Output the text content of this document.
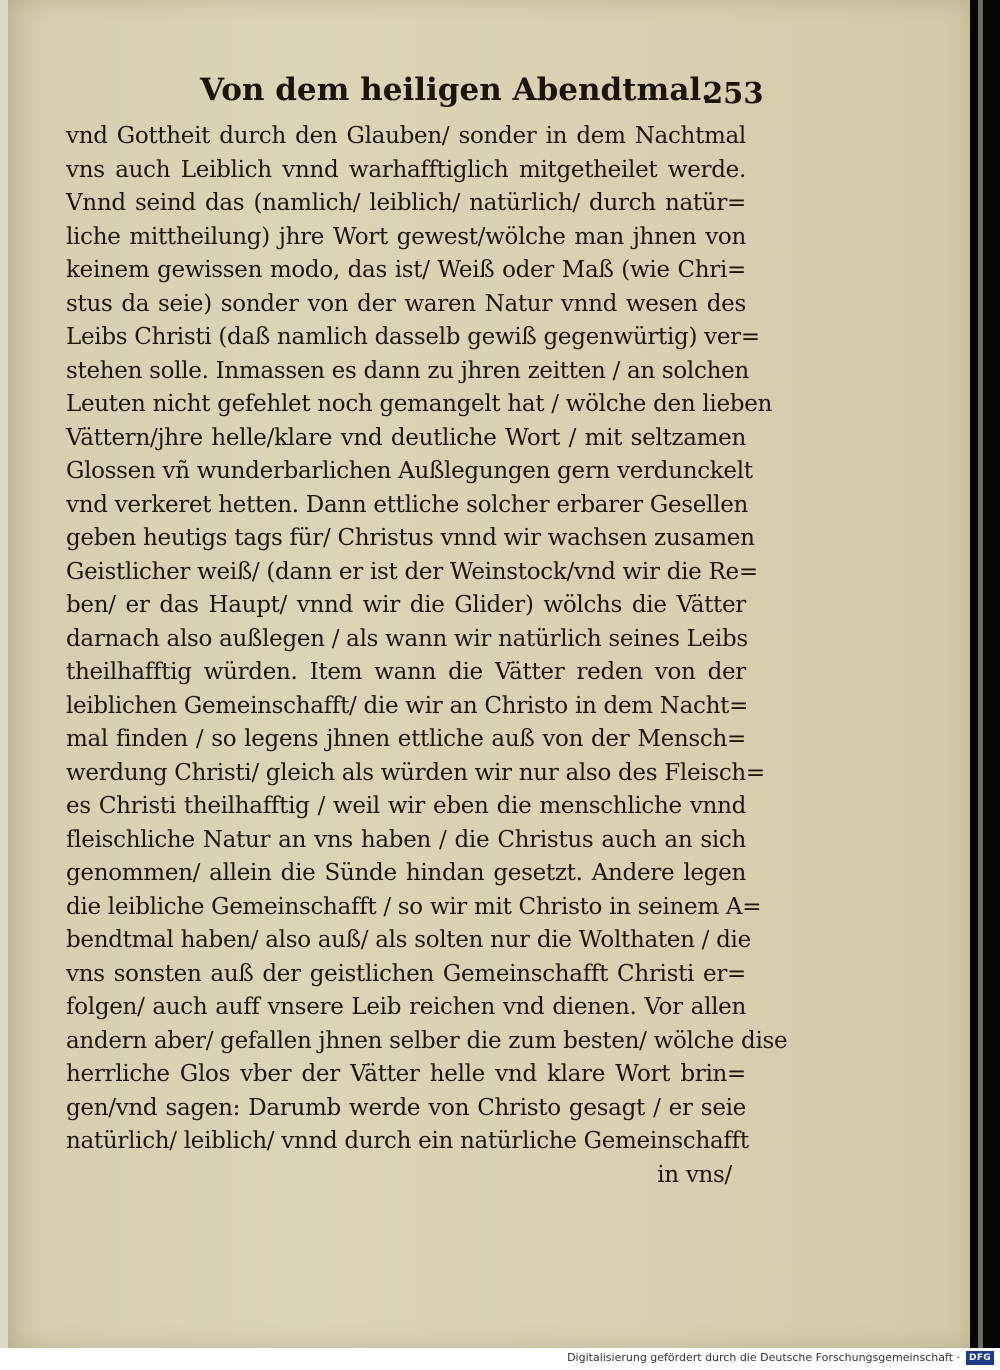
Von dem heiligen Abendtmal.
253
vnd Gottheit durch den Glauben/ sonder in dem Nachtmal
vns auch Leiblich vnnd warhafftiglich mitgetheilet werde.
Vnnd seind das (namlich/ leiblich/ natürlich/ durch natür=
liche mittheilung) jhre Wort gewest/wölche man jhnen von
keinem gewissen modo, das ist/ Weiß oder Maß (wie Chri=
stus da seie) sonder von der waren Natur vnnd wesen des
Leibs Christi (daß namlich dasselb gewiß gegenwürtig) ver=
stehen solle. Inmassen es dann zu jhren zeitten / an solchen
Leuten nicht gefehlet noch gemangelt hat / wölche den lieben
Vättern/jhre helle/klare vnd deutliche Wort / mit seltzamen
Glossen vñ wunderbarlichen Außlegungen gern verdunckelt
vnd verkeret hetten. Dann ettliche solcher erbarer Gesellen
geben heutigs tags für/ Christus vnnd wir wachsen zusamen
Geistlicher weiß/ (dann er ist der Weinstock/vnd wir die Re=
ben/ er das Haupt/ vnnd wir die Glider) wölchs die Vätter
darnach also außlegen / als wann wir natürlich seines Leibs
theilhafftig würden. Item wann die Vätter reden von der
leiblichen Gemeinschafft/ die wir an Christo in dem Nacht=
mal finden / so legens jhnen ettliche auß von der Mensch=
werdung Christi/ gleich als würden wir nur also des Fleisch=
es Christi theilhafftig / weil wir eben die menschliche vnnd
fleischliche Natur an vns haben / die Christus auch an sich
genommen/ allein die Sünde hindan gesetzt. Andere legen
die leibliche Gemeinschafft / so wir mit Christo in seinem A=
bendtmal haben/ also auß/ als solten nur die Wolthaten / die
vns sonsten auß der geistlichen Gemeinschafft Christi er=
folgen/ auch auff vnsere Leib reichen vnd dienen. Vor allen
andern aber/ gefallen jhnen selber die zum besten/ wölche dise
herrliche Glos vber der Vätter helle vnd klare Wort brin=
gen/vnd sagen: Darumb werde von Christo gesagt / er seie
natürlich/ leiblich/ vnnd durch ein natürliche Gemeinschafft
in vns/
Digitalisierung gefördert durch die Deutsche Forschungsgemeinschaft ·	DFG
